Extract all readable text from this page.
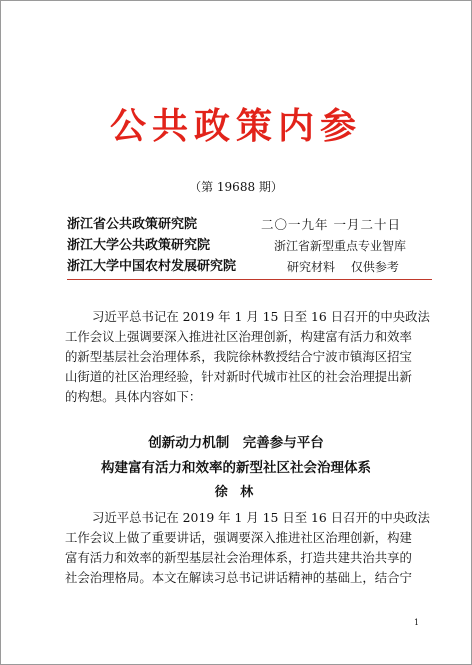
公共政策内参
（第 19688 期）
浙江省公共政策研究院
浙江大学公共政策研究院
浙江大学中国农村发展研究院
二〇一九年 一月二十日
浙江省新型重点专业智库
研究材料　 仅供参考
习近平总书记在 2019 年 1 月 15 日至 16 日召开的中央政法
工作会议上强调要深入推进社区治理创新，构建富有活力和效率
的新型基层社会治理体系，我院徐林教授结合宁波市镇海区招宝
山街道的社区治理经验，针对新时代城市社区的社会治理提出新
的构想。具体内容如下：
创新动力机制　完善参与平台
构建富有活力和效率的新型社区社会治理体系
徐 林
习近平总书记在 2019 年 1 月 15 日至 16 日召开的中央政法
工作会议上做了重要讲话，强调要深入推进社区治理创新，构建
富有活力和效率的新型基层社会治理体系，打造共建共治共享的
社会治理格局。本文在解读习总书记讲话精神的基础上，结合宁
1
